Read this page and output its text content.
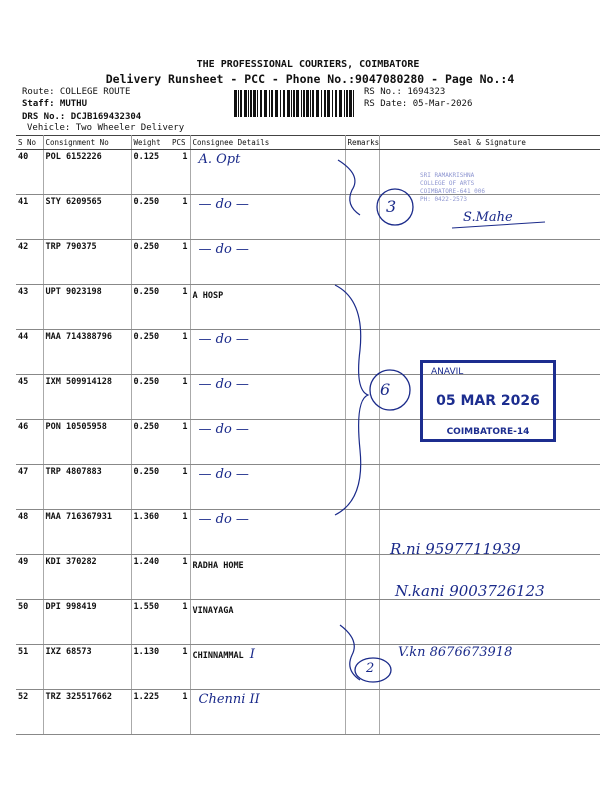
THE PROFESSIONAL COURIERS, COIMBATORE
Delivery Runsheet - PCC - Phone No.:9047080280 - Page No.:4
Route: COLLEGE ROUTE
Staff: MUTHU
DRS No.: DCJB169432304
Vehicle: Two Wheeler Delivery
RS No.: 1694323
RS Date: 05-Mar-2026
S No	Consignment No	Weight	PCS	Consignee Details	Remarks	Seal & Signature
40	POL 6152226	0.125	1	A. Opt		
41	STY 6209565	0.250	1	— do —		
42	TRP 790375	0.250	1	— do —		
43	UPT 9023198	0.250	1	A HOSP		
44	MAA 714388796	0.250	1	— do —		
45	IXM 509914128	0.250	1	— do —		
46	PON 10505958	0.250	1	— do —		
47	TRP 4807883	0.250	1	— do —		
48	MAA 716367931	1.360	1	— do —		
49	KDI 370282	1.240	1	RADHA HOME		
50	DPI 998419	1.550	1	VINAYAGA		
51	IXZ 68573	1.130	1	CHINNAMMAL I		
52	TRZ 325517662	1.225	1	Chenni II		
SRI RAMAKRISHNA
COLLEGE OF ARTS
COIMBATORE-641 006
PH: 0422-2573
3
6
2
S.Mahe
R.ni 9597711939
N.kani 9003726123
V.kn 8676673918
ANAVIL
05 MAR 2026
COIMBATORE-14
